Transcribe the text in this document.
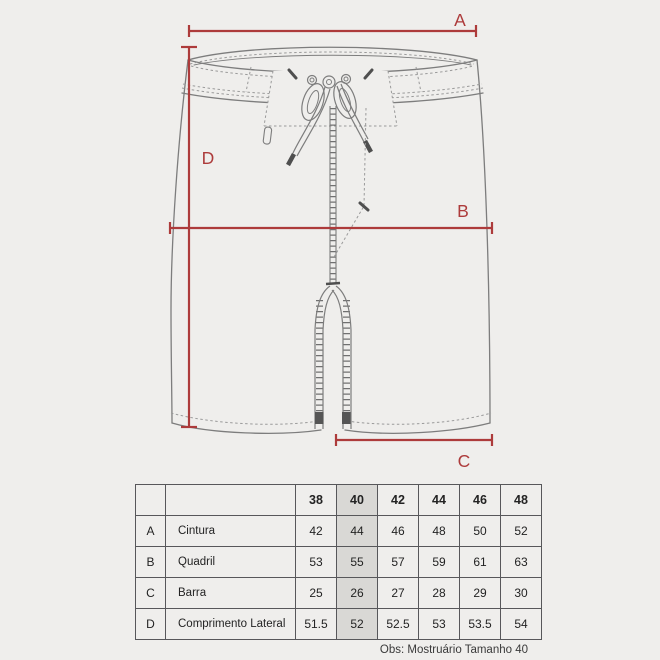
A
D
B
C
		38	40	42	44	46	48
A	Cintura	42	44	46	48	50	52
B	Quadril	53	55	57	59	61	63
C	Barra	25	26	27	28	29	30
D	Comprimento Lateral	51.5	52	52.5	53	53.5	54
Obs: Mostruário Tamanho 40
